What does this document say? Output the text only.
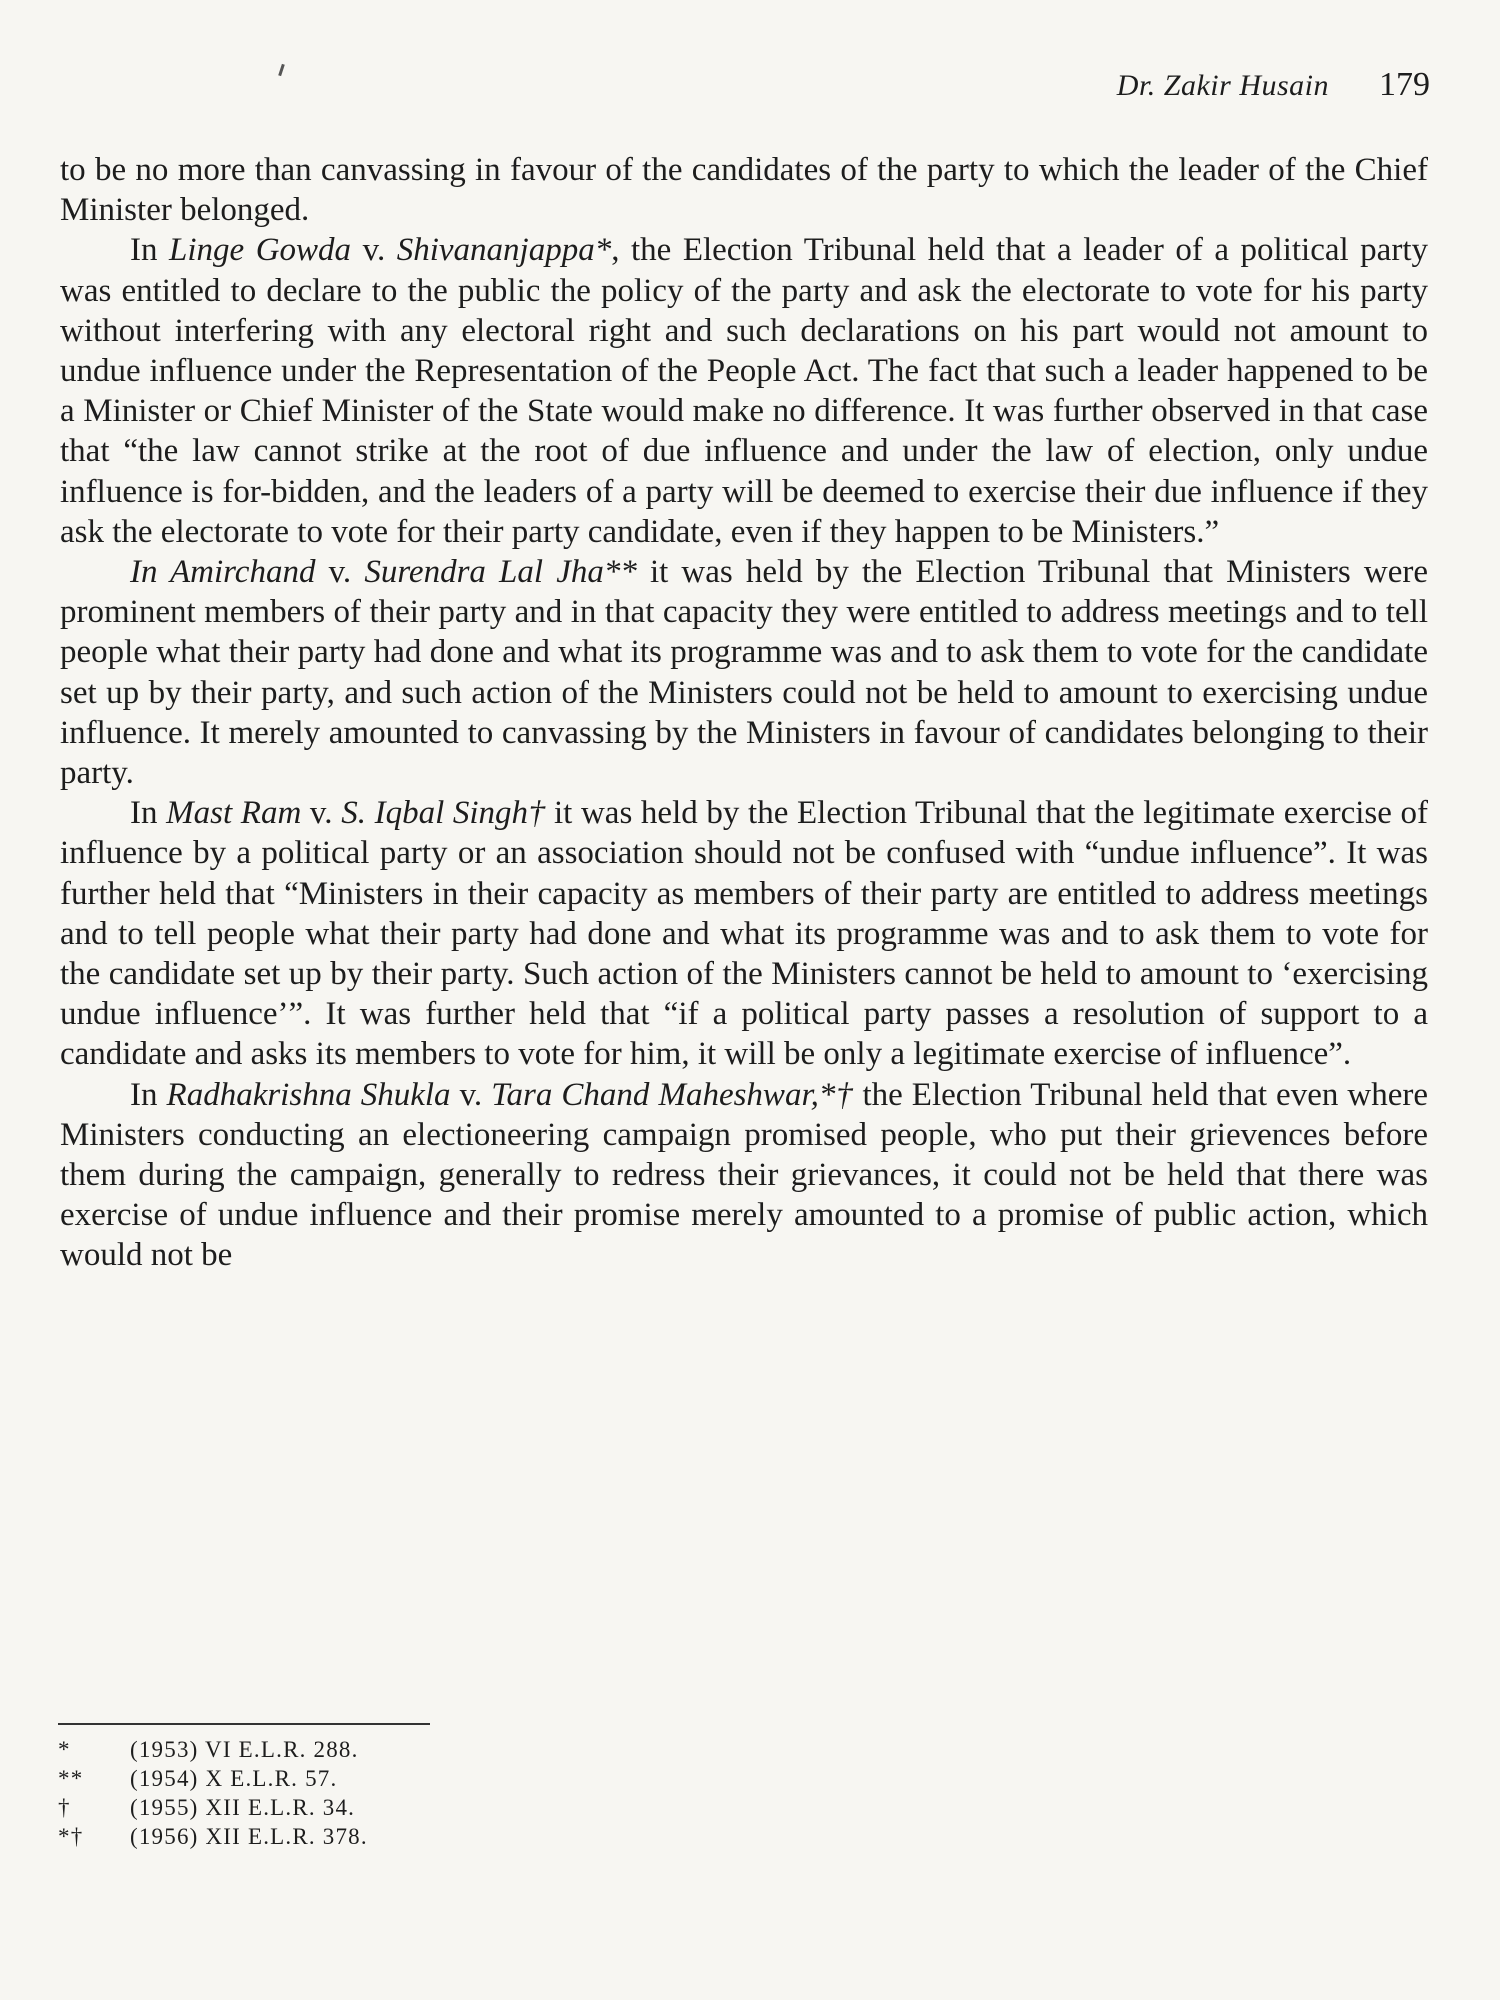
Dr. Zakir Husain 179

to be no more than canvassing in favour of the candidates of the party to which the leader of the Chief Minister belonged.

In Linge Gowda v. Shivananjappa*, the Election Tribunal held that a leader of a political party was entitled to declare to the public the policy of the party and ask the electorate to vote for his party without interfering with any electoral right and such declarations on his part would not amount to undue influence under the Representation of the People Act. The fact that such a leader happened to be a Minister or Chief Minister of the State would make no difference. It was further observed in that case that “the law cannot strike at the root of due influence and under the law of election, only undue influence is for-bidden, and the leaders of a party will be deemed to exercise their due influence if they ask the electorate to vote for their party candidate, even if they happen to be Ministers.”

In Amirchand v. Surendra Lal Jha** it was held by the Election Tribunal that Ministers were prominent members of their party and in that capacity they were entitled to address meetings and to tell people what their party had done and what its programme was and to ask them to vote for the candidate set up by their party, and such action of the Ministers could not be held to amount to exercising undue influence. It merely amounted to canvassing by the Ministers in favour of candidates belonging to their party.

In Mast Ram v. S. Iqbal Singh† it was held by the Election Tribunal that the legitimate exercise of influence by a political party or an association should not be confused with “undue influence”. It was further held that “Ministers in their capacity as members of their party are entitled to address meetings and to tell people what their party had done and what its programme was and to ask them to vote for the candidate set up by their party. Such action of the Ministers cannot be held to amount to ‘exercising undue influence’”. It was further held that “if a political party passes a resolution of support to a candidate and asks its members to vote for him, it will be only a legitimate exercise of influence”.

In Radhakrishna Shukla v. Tara Chand Maheshwar,*† the Election Tribunal held that even where Ministers conducting an electioneering campaign promised people, who put their grievences before them during the campaign, generally to redress their grievances, it could not be held that there was exercise of undue influence and their promise merely amounted to a promise of public action, which would not be

*	(1953) VI E.L.R. 288.
**	(1954) X E.L.R. 57.
†	(1955) XII E.L.R. 34.
*†	(1956) XII E.L.R. 378.
